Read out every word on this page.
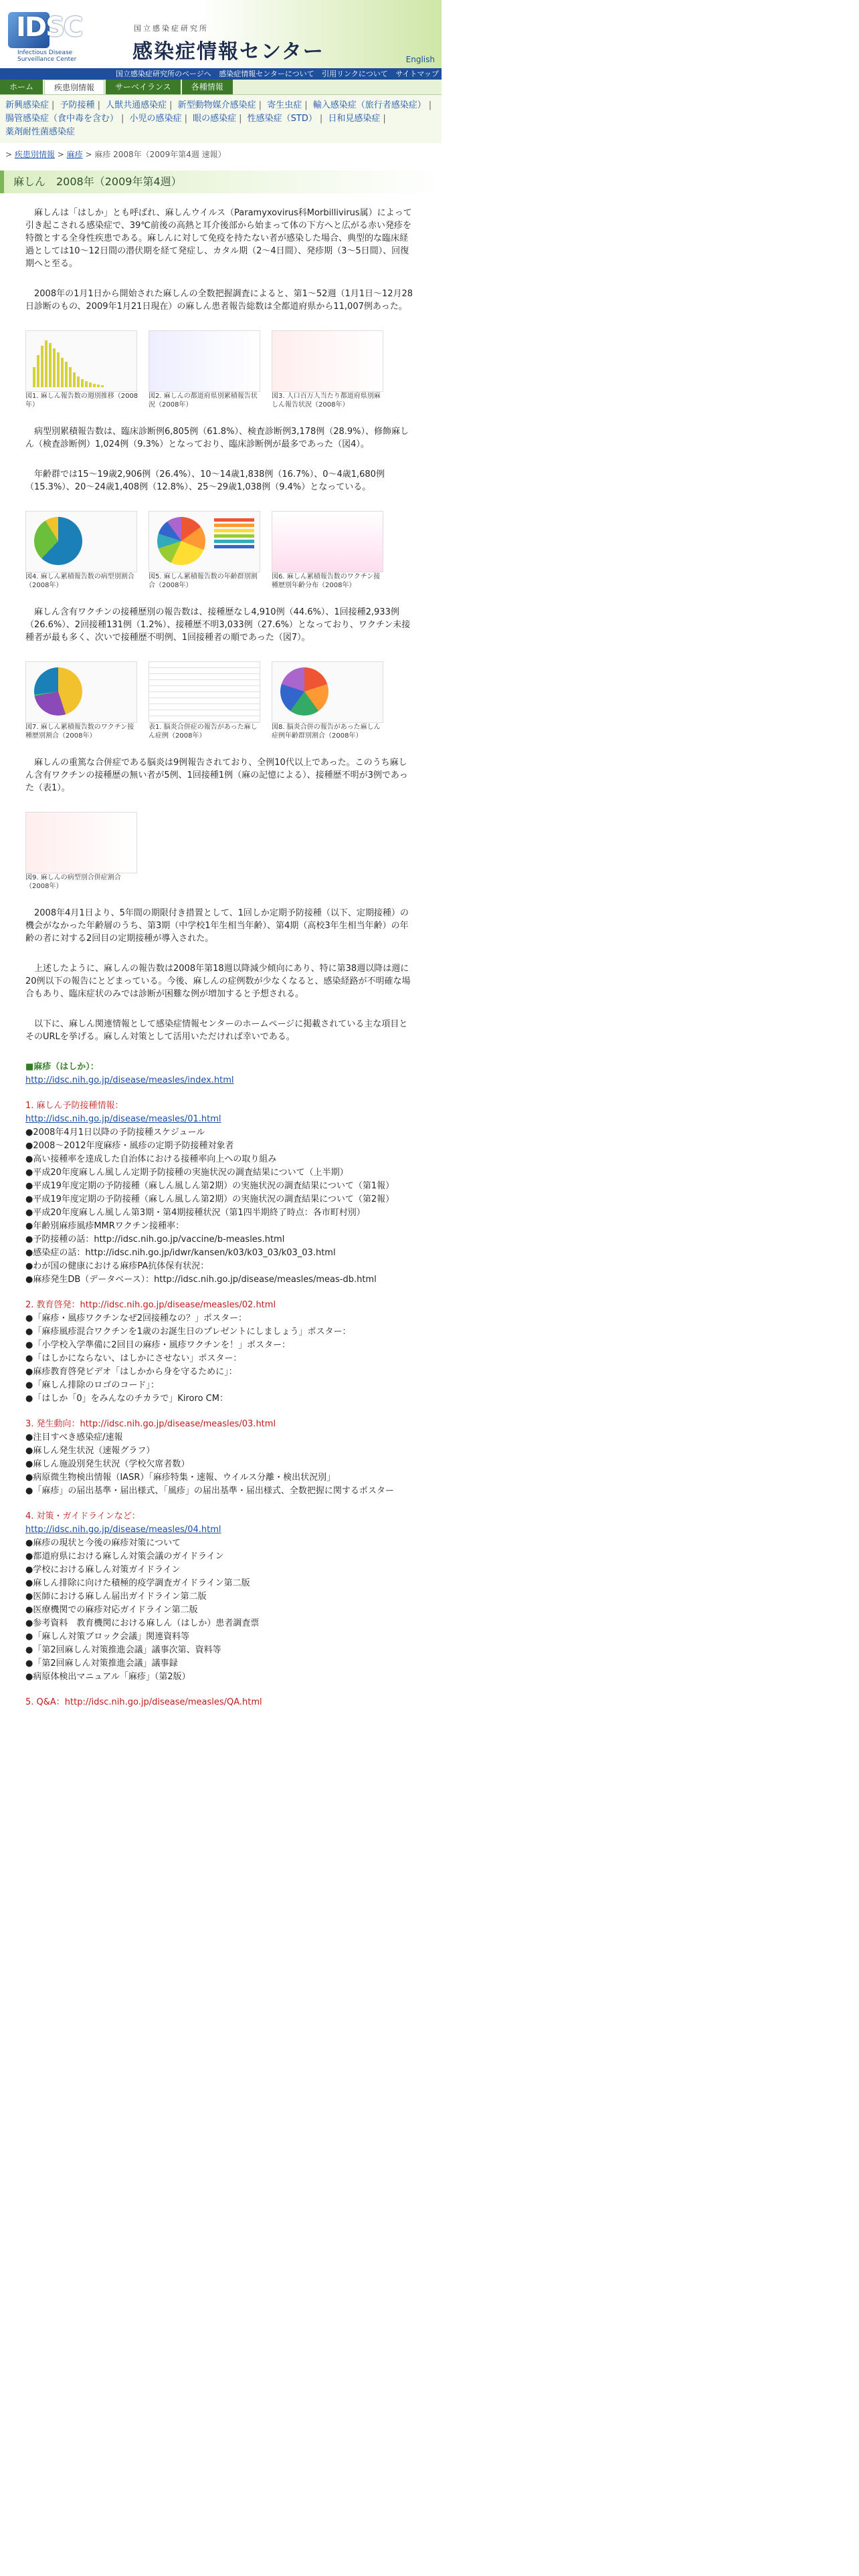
IDSC
Infectious Disease
Surveillance Center
国立感染症研究所
感染症情報センター	English
国立感染症研究所のページへ 感染症情報センターについて 引用リンクについて サイトマップ
ホーム	疾患別情報	サーベイランス	各種情報
新興感染症 | 予防接種 | 人獣共通感染症 | 新型動物媒介感染症 | 寄生虫症 | 輸入感染症（旅行者感染症） | 腸管感染症（食中毒を含む） | 小児の感染症 | 眼の感染症 | 性感染症（STD） | 日和見感染症 | 薬剤耐性菌感染症
> 疾患別情報 > 麻疹 > 麻疹 2008年（2009年第4週 速報）
麻しん　2008年（2009年第4週）

麻しんは「はしか」とも呼ばれ、麻しんウイルス（Paramyxovirus科Morbillivirus属）によって引き起こされる感染症で、39℃前後の高熱と耳介後部から始まって体の下方へと広がる赤い発疹を特徴とする全身性疾患である。麻しんに対して免疫を持たない者が感染した場合、典型的な臨床経過としては10～12日間の潜伏期を経て発症し、カタル期（2～4日間）、発疹期（3～5日間）、回復期へと至る。

2008年の1月1日から開始された麻しんの全数把握調査によると、第1～52週（1月1日～12月28日診断のもの、2009年1月21日現在）の麻しん患者報告総数は全都道府県から11,007例あった。

図1. 麻しん報告数の週別推移（2008年）
図2. 麻しんの都道府県別累積報告状況（2008年）
図3. 人口百万人当たり都道府県別麻しん報告状況（2008年）

病型別累積報告数は、臨床診断例6,805例（61.8%）、検査診断例3,178例（28.9%）、修飾麻しん（検査診断例）1,024例（9.3%）となっており、臨床診断例が最多であった（図4）。

年齢群では15～19歳2,906例（26.4%）、10～14歳1,838例（16.7%）、0～4歳1,680例（15.3%）、20～24歳1,408例（12.8%）、25～29歳1,038例（9.4%）となっている。

図4. 麻しん累積報告数の病型別割合（2008年）
図5. 麻しん累積報告数の年齢群別割合（2008年）
図6. 麻しん累積報告数のワクチン接種歴別年齢分布（2008年）

麻しん含有ワクチンの接種歴別の報告数は、接種歴なし4,910例（44.6%）、1回接種2,933例（26.6%）、2回接種131例（1.2%）、接種歴不明3,033例（27.6%）となっており、ワクチン未接種者が最も多く、次いで接種歴不明例、1回接種者の順であった（図7）。

図7. 麻しん累積報告数のワクチン接種歴別割合（2008年）
表1. 脳炎合併症の報告があった麻しん症例（2008年）
図8. 脳炎合併の報告があった麻しん症例年齢群別割合（2008年）

麻しんの重篤な合併症である脳炎は9例報告されており、全例10代以上であった。このうち麻しん含有ワクチンの接種歴の無い者が5例、1回接種1例（麻の記憶による）、接種歴不明が3例であった（表1）。

図9. 麻しんの病型別合併症割合（2008年）

2008年4月1日より、5年間の期限付き措置として、1回しか定期予防接種（以下、定期接種）の機会がなかった年齢層のうち、第3期（中学校1年生相当年齢）、第4期（高校3年生相当年齢）の年齢の者に対する2回目の定期接種が導入された。

上述したように、麻しんの報告数は2008年第18週以降減少傾向にあり、特に第38週以降は週に20例以下の報告にとどまっている。今後、麻しんの症例数が少なくなると、感染経路が不明確な場合もあり、臨床症状のみでは診断が困難な例が増加すると予想される。

以下に、麻しん関連情報として感染症情報センターのホームページに掲載されている主な項目とそのURLを挙げる。麻しん対策として活用いただければ幸いである。

■麻疹（はしか）：
http://idsc.nih.go.jp/disease/measles/index.html
1. 麻しん予防接種情報：
http://idsc.nih.go.jp/disease/measles/01.html
●2008年4月1日以降の予防接種スケジュール
●2008～2012年度麻疹・風疹の定期予防接種対象者
●高い接種率を達成した自治体における接種率向上への取り組み
●平成20年度麻しん風しん定期予防接種の実施状況の調査結果について（上半期）
●平成19年度定期の予防接種（麻しん風しん第2期）の実施状況の調査結果について（第1報）
●平成19年度定期の予防接種（麻しん風しん第2期）の実施状況の調査結果について（第2報）
●平成20年度麻しん風しん第3期・第4期接種状況（第1四半期終了時点：各市町村別）
●年齢別麻疹風疹MMRワクチン接種率：
●予防接種の話：http://idsc.nih.go.jp/vaccine/b-measles.html
●感染症の話：http://idsc.nih.go.jp/idwr/kansen/k03/k03_03/k03_03.html
●わが国の健康における麻疹PA抗体保有状況：
●麻疹発生DB（データベース）：http://idsc.nih.go.jp/disease/measles/meas-db.html
2. 教育啓発：http://idsc.nih.go.jp/disease/measles/02.html
●「麻疹・風疹ワクチンなぜ2回接種なの？」ポスター：
●「麻疹風疹混合ワクチンを1歳のお誕生日のプレゼントにしましょう」ポスター：
●「小学校入学準備に2回目の麻疹・風疹ワクチンを！」ポスター：
●「はしかにならない、はしかにさせない」ポスター：
●麻疹教育啓発ビデオ「はしかから身を守るために」：
●「麻しん排除のロゴのコード」：
●「はしか「0」をみんなのチカラで」Kiroro CM：
3. 発生動向：http://idsc.nih.go.jp/disease/measles/03.html
●注目すべき感染症/速報
●麻しん発生状況（速報グラフ）
●麻しん施設別発生状況（学校欠席者数）
●病原微生物検出情報（IASR）「麻疹特集・速報、ウイルス分離・検出状況別」
●「麻疹」の届出基準・届出様式、「風疹」の届出基準・届出様式、全数把握に関するポスター
4. 対策・ガイドラインなど：
http://idsc.nih.go.jp/disease/measles/04.html
●麻疹の現状と今後の麻疹対策について
●都道府県における麻しん対策会議のガイドライン
●学校における麻しん対策ガイドライン
●麻しん排除に向けた積極的疫学調査ガイドライン第二版
●医師における麻しん届出ガイドライン第二版
●医療機関での麻疹対応ガイドライン第二版
●参考資料　教育機関における麻しん（はしか）患者調査票
●「麻しん対策ブロック会議」関連資料等
●「第2回麻しん対策推進会議」議事次第、資料等
●「第2回麻しん対策推進会議」議事録
●病原体検出マニュアル「麻疹」（第2版）
5. Q&A：http://idsc.nih.go.jp/disease/measles/QA.html
